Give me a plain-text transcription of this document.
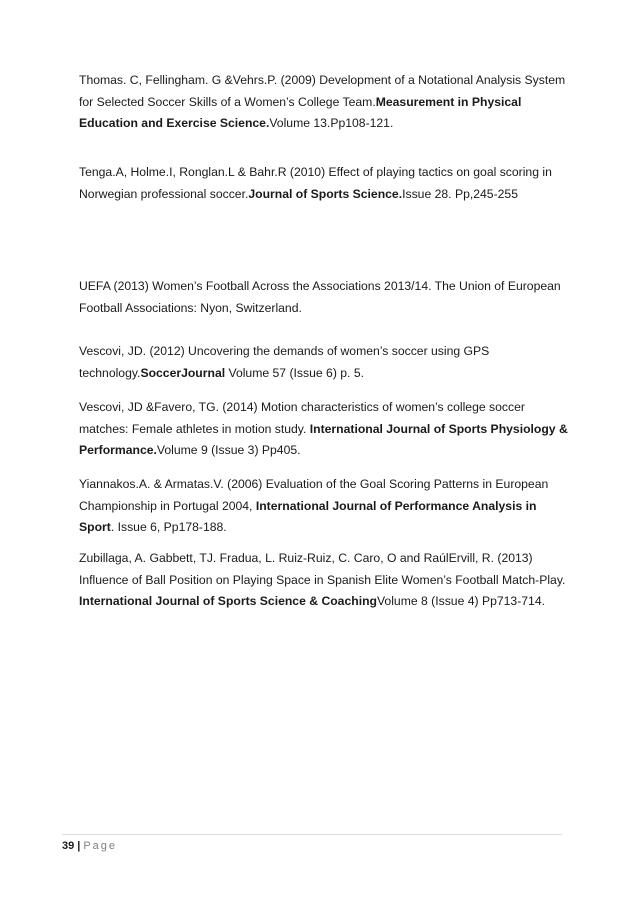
Thomas. C, Fellingham. G &Vehrs.P. (2009) Development of a Notational Analysis System for Selected Soccer Skills of a Women’s College Team.Measurement in Physical Education and Exercise Science.Volume 13.Pp108-121.

Tenga.A, Holme.I, Ronglan.L & Bahr.R (2010) Effect of playing tactics on goal scoring in Norwegian professional soccer.Journal of Sports Science.Issue 28. Pp,245-255

UEFA (2013) Women’s Football Across the Associations 2013/14. The Union of European Football Associations: Nyon, Switzerland.

Vescovi, JD. (2012) Uncovering the demands of women’s soccer using GPS technology.SoccerJournal Volume 57 (Issue 6) p. 5.

Vescovi, JD &Favero, TG. (2014) Motion characteristics of women’s college soccer matches: Female athletes in motion study. International Journal of Sports Physiology & Performance.Volume 9 (Issue 3) Pp405.

Yiannakos.A. & Armatas.V. (2006) Evaluation of the Goal Scoring Patterns in European Championship in Portugal 2004, International Journal of Performance Analysis in Sport. Issue 6, Pp178-188.

Zubillaga, A. Gabbett, TJ. Fradua, L. Ruiz-Ruiz, C. Caro, O and RaúlErvill, R. (2013) Influence of Ball Position on Playing Space in Spanish Elite Women’s Football Match-Play. International Journal of Sports Science & CoachingVolume 8 (Issue 4) Pp713-714.

39 | Page
